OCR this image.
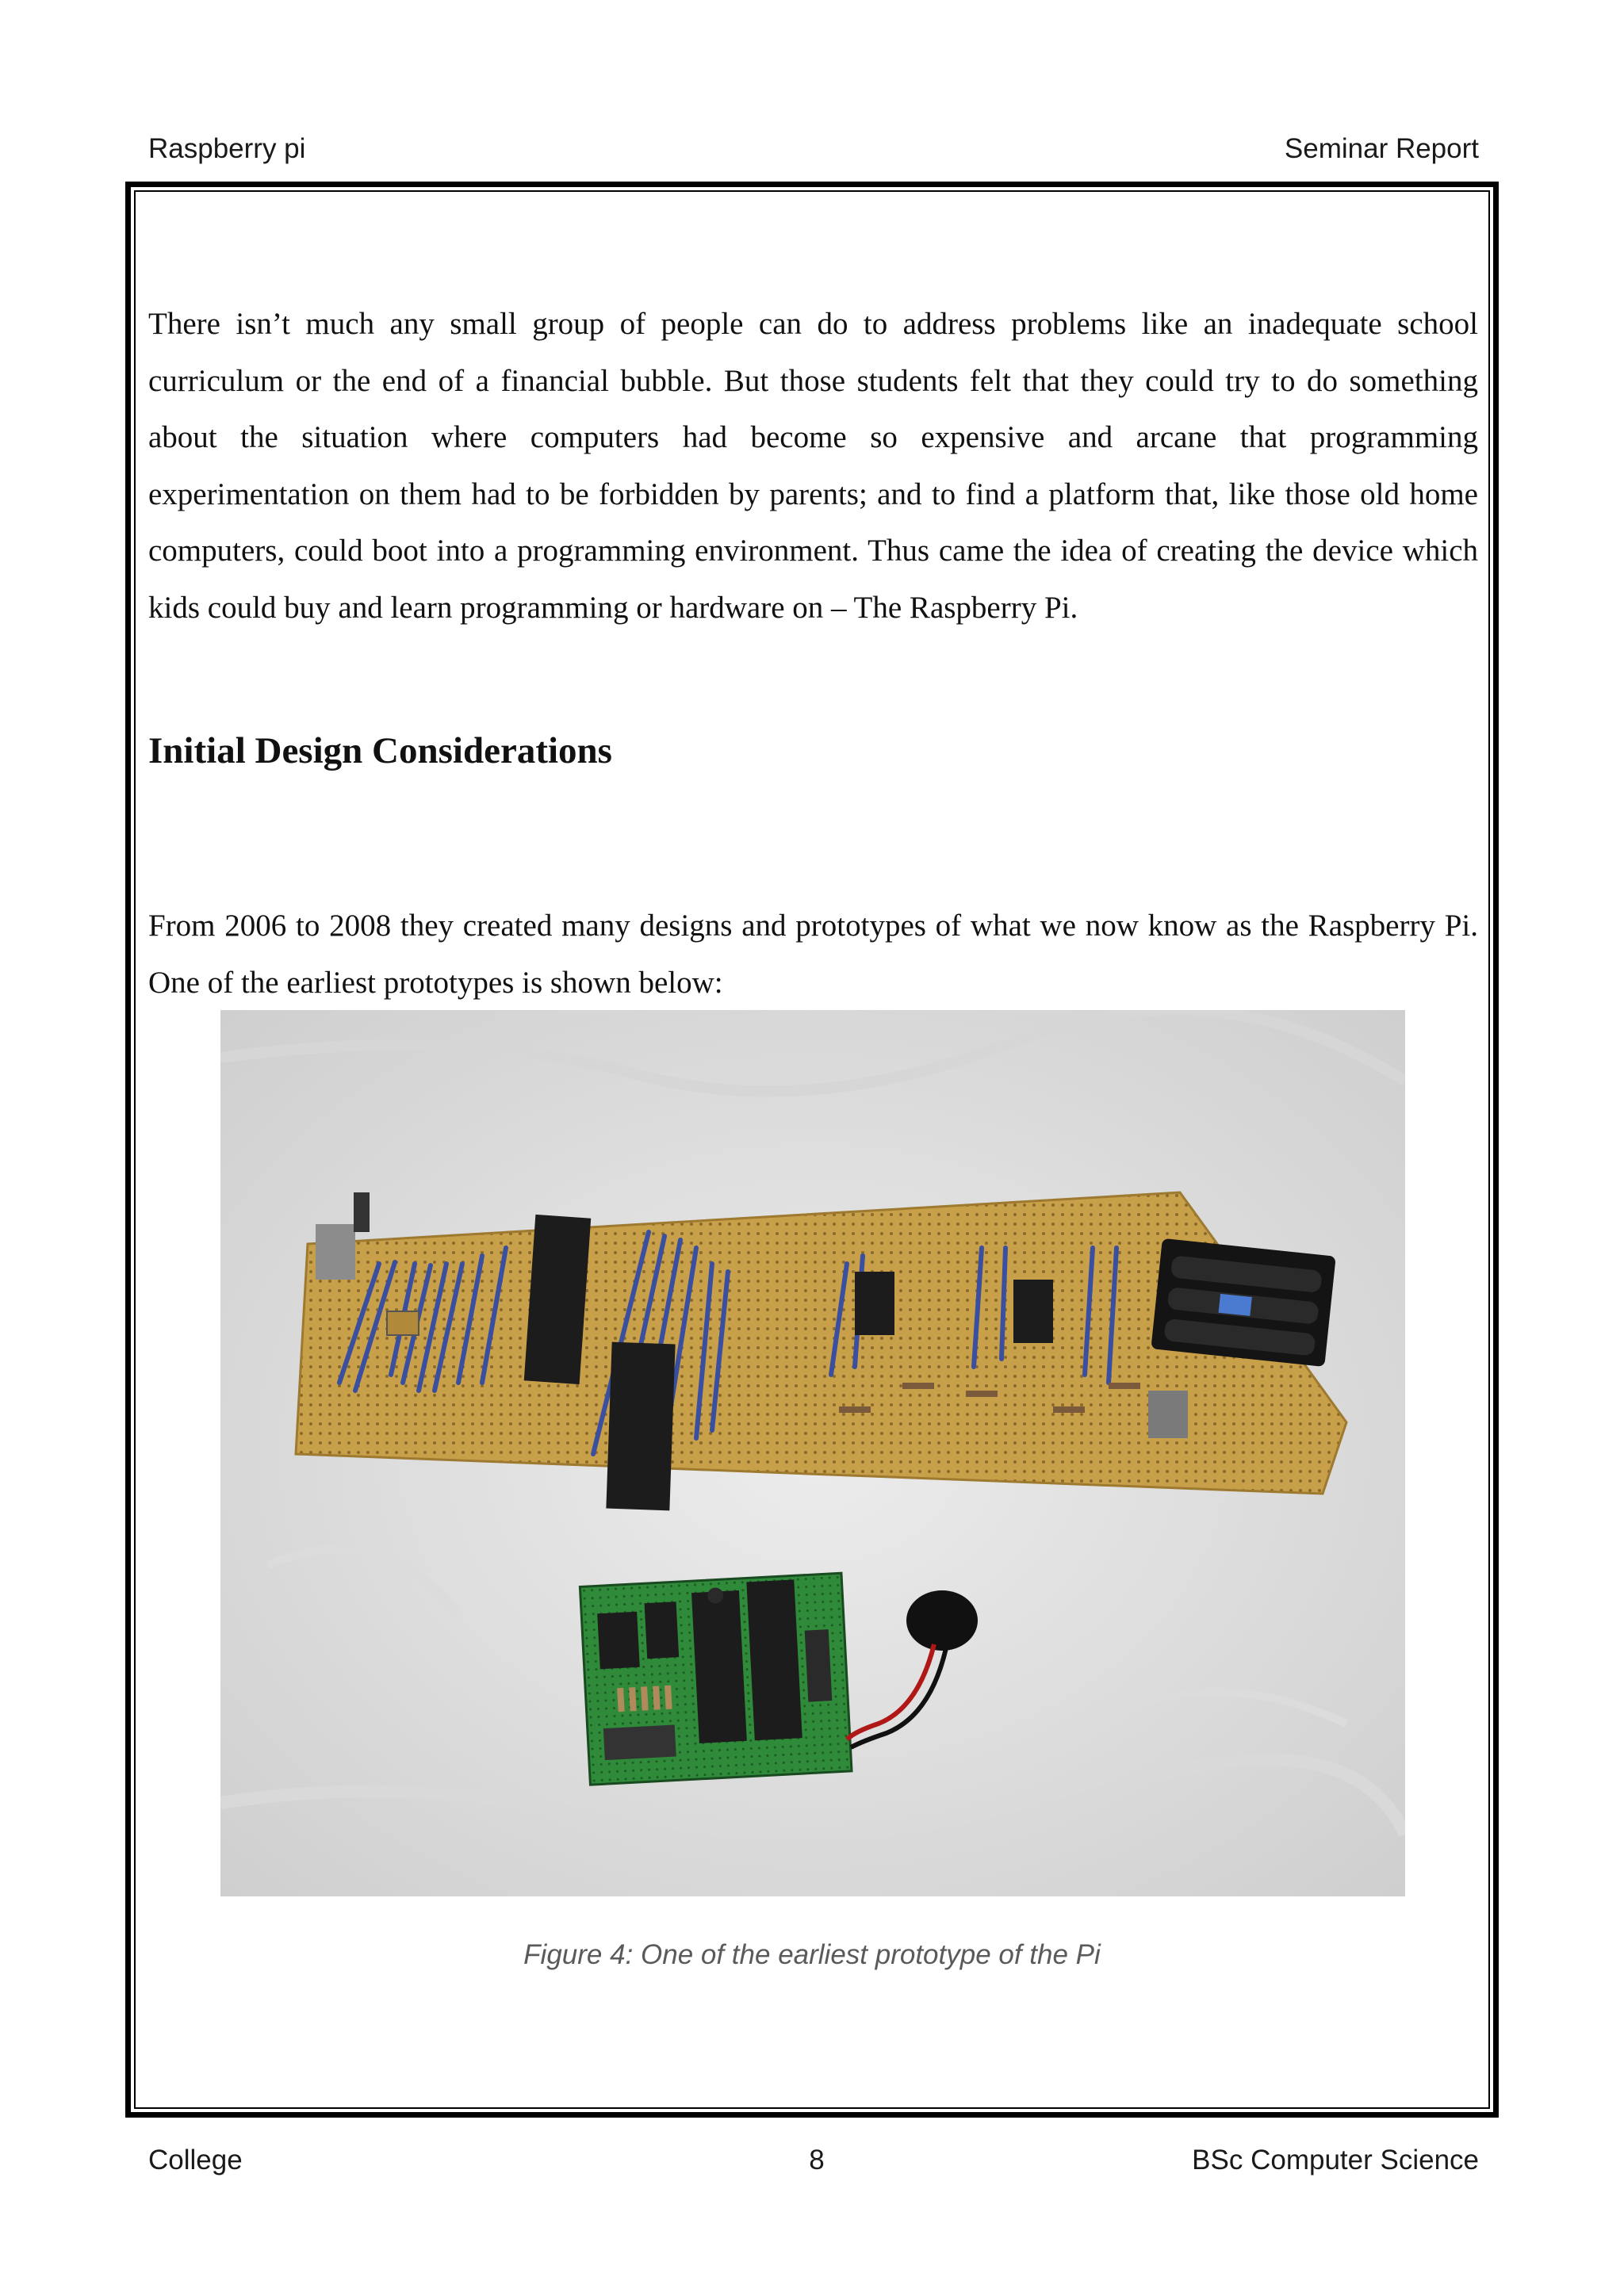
Raspberry pi	Seminar Report

There isn’t much any small group of people can do to address problems like an inadequate school curriculum or the end of a financial bubble. But those students felt that they could try to do something about the situation where computers had become so expensive and arcane that programming experimentation on them had to be forbidden by parents; and to find a platform that, like those old home computers, could boot into a programming environment. Thus came the idea of creating the device which kids could buy and learn programming or hardware on – The Raspberry Pi.

Initial Design Considerations

From 2006 to 2008 they created many designs and prototypes of what we now know as the Raspberry Pi. One of the earliest prototypes is shown below:

Figure 4: One of the earliest prototype of the Pi
College	8	BSc Computer Science
